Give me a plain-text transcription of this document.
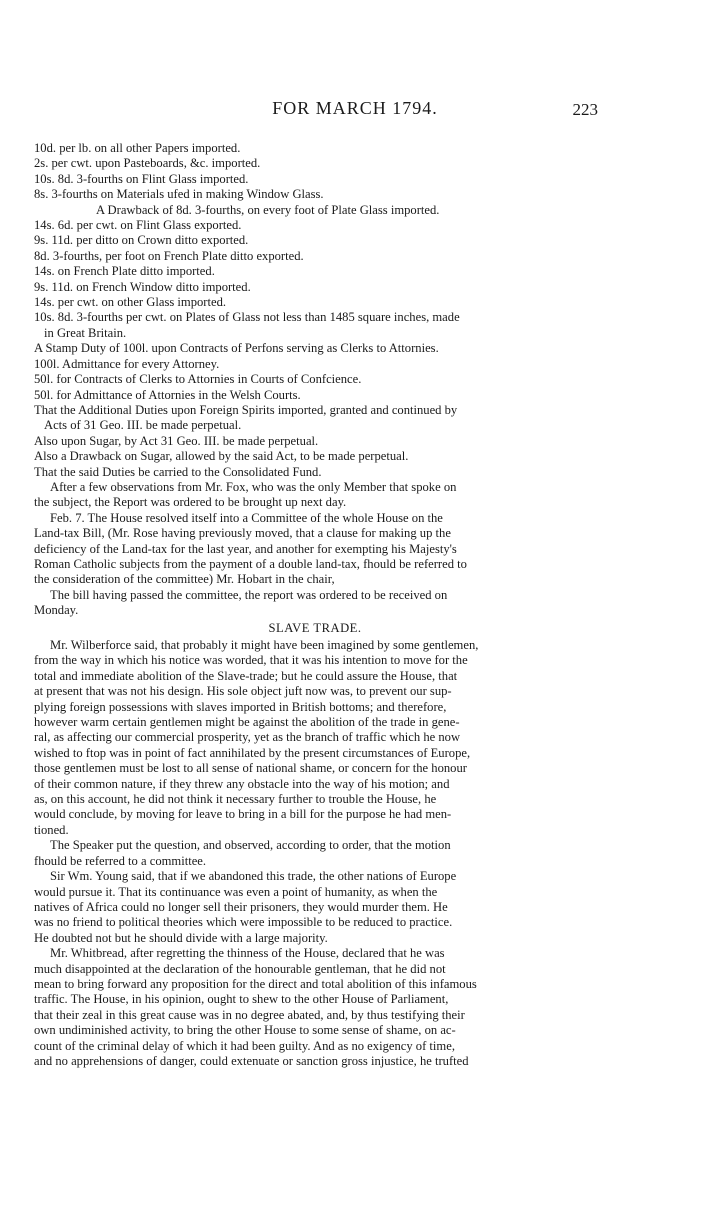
FOR MARCH 1794.	223
10d. per lb. on all other Papers imported.
2s. per cwt. upon Pasteboards, &c. imported.
10s. 8d. 3-fourths on Flint Glass imported.
8s. 3-fourths on Materials ufed in making Window Glass.
A Drawback of 8d. 3-fourths, on every foot of Plate Glass imported.
14s. 6d. per cwt. on Flint Glass exported.
9s. 11d. per ditto on Crown ditto exported.
8d. 3-fourths, per foot on French Plate ditto exported.
14s. on French Plate ditto imported.
9s. 11d. on French Window ditto imported.
14s. per cwt. on other Glass imported.
10s. 8d. 3-fourths per cwt. on Plates of Glass not less than 1485 square inches, made
in Great Britain.
A Stamp Duty of 100l. upon Contracts of Perfons serving as Clerks to Attornies.
100l. Admittance for every Attorney.
50l. for Contracts of Clerks to Attornies in Courts of Confcience.
50l. for Admittance of Attornies in the Welsh Courts.
That the Additional Duties upon Foreign Spirits imported, granted and continued by
Acts of 31 Geo. III. be made perpetual.
Also upon Sugar, by Act 31 Geo. III. be made perpetual.
Also a Drawback on Sugar, allowed by the said Act, to be made perpetual.
That the said Duties be carried to the Consolidated Fund.
After a few observations from Mr. Fox, who was the only Member that spoke on
the subject, the Report was ordered to be brought up next day.
Feb. 7. The House resolved itself into a Committee of the whole House on the
Land-tax Bill, (Mr. Rose having previously moved, that a clause for making up the
deficiency of the Land-tax for the last year, and another for exempting his Majesty's
Roman Catholic subjects from the payment of a double land-tax, fhould be referred to
the consideration of the committee) Mr. Hobart in the chair,
The bill having passed the committee, the report was ordered to be received on
Monday.
SLAVE TRADE.
Mr. Wilberforce said, that probably it might have been imagined by some gentlemen,
from the way in which his notice was worded, that it was his intention to move for the
total and immediate abolition of the Slave-trade; but he could assure the House, that
at present that was not his design. His sole object juft now was, to prevent our sup-
plying foreign possessions with slaves imported in British bottoms; and therefore,
however warm certain gentlemen might be against the abolition of the trade in gene-
ral, as affecting our commercial prosperity, yet as the branch of traffic which he now
wished to ftop was in point of fact annihilated by the present circumstances of Europe,
those gentlemen must be lost to all sense of national shame, or concern for the honour
of their common nature, if they threw any obstacle into the way of his motion; and
as, on this account, he did not think it necessary further to trouble the House, he
would conclude, by moving for leave to bring in a bill for the purpose he had men-
tioned.
The Speaker put the question, and observed, according to order, that the motion
fhould be referred to a committee.
Sir Wm. Young said, that if we abandoned this trade, the other nations of Europe
would pursue it. That its continuance was even a point of humanity, as when the
natives of Africa could no longer sell their prisoners, they would murder them. He
was no friend to political theories which were impossible to be reduced to practice.
He doubted not but he should divide with a large majority.
Mr. Whitbread, after regretting the thinness of the House, declared that he was
much disappointed at the declaration of the honourable gentleman, that he did not
mean to bring forward any proposition for the direct and total abolition of this infamous
traffic. The House, in his opinion, ought to shew to the other House of Parliament,
that their zeal in this great cause was in no degree abated, and, by thus testifying their
own undiminished activity, to bring the other House to some sense of shame, on ac-
count of the criminal delay of which it had been guilty. And as no exigency of time,
and no apprehensions of danger, could extenuate or sanction gross injustice, he trufted
